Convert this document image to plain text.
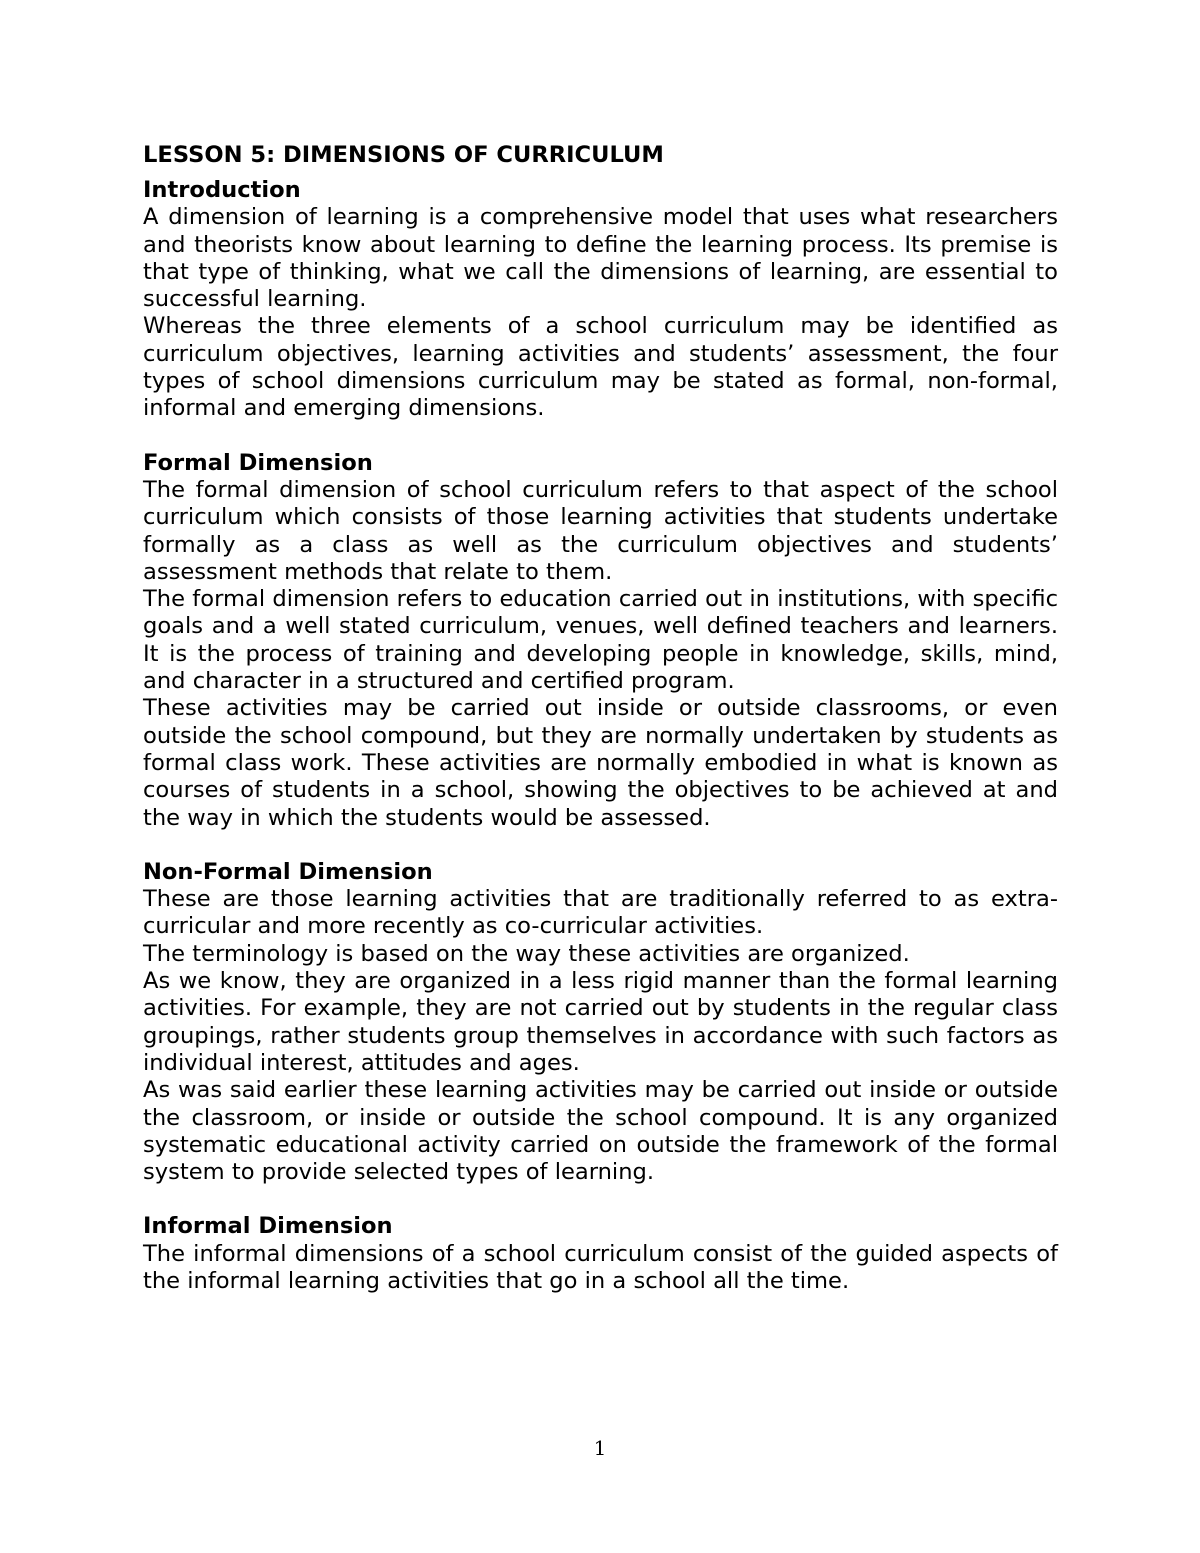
LESSON 5: DIMENSIONS OF CURRICULUM
Introduction

A dimension of learning is a comprehensive model that uses what researchers and theorists know about learning to define the learning process. Its premise is that type of thinking, what we call the dimensions of learning, are essential to successful learning.

Whereas the three elements of a school curriculum may be identified as curriculum objectives, learning activities and students’ assessment, the four types of school dimensions curriculum may be stated as formal, non-formal, informal and emerging dimensions.

Formal Dimension

The formal dimension of school curriculum refers to that aspect of the school curriculum which consists of those learning activities that students undertake formally as a class as well as the curriculum objectives and students’ assessment methods that relate to them.

The formal dimension refers to education carried out in institutions, with specific goals and a well stated curriculum, venues, well defined teachers and learners. It is the process of training and developing people in knowledge, skills, mind, and character in a structured and certified program.

These activities may be carried out inside or outside classrooms, or even outside the school compound, but they are normally undertaken by students as formal class work. These activities are normally embodied in what is known as courses of students in a school, showing the objectives to be achieved at and the way in which the students would be assessed.

Non-Formal Dimension

These are those learning activities that are traditionally referred to as extra-curricular and more recently as co-curricular activities.

The terminology is based on the way these activities are organized.

As we know, they are organized in a less rigid manner than the formal learning activities. For example, they are not carried out by students in the regular class groupings, rather students group themselves in accordance with such factors as individual interest, attitudes and ages.

As was said earlier these learning activities may be carried out inside or outside the classroom, or inside or outside the school compound. It is any organized systematic educational activity carried on outside the framework of the formal system to provide selected types of learning.

Informal Dimension

The informal dimensions of a school curriculum consist of the guided aspects of the informal learning activities that go in a school all the time.

1
